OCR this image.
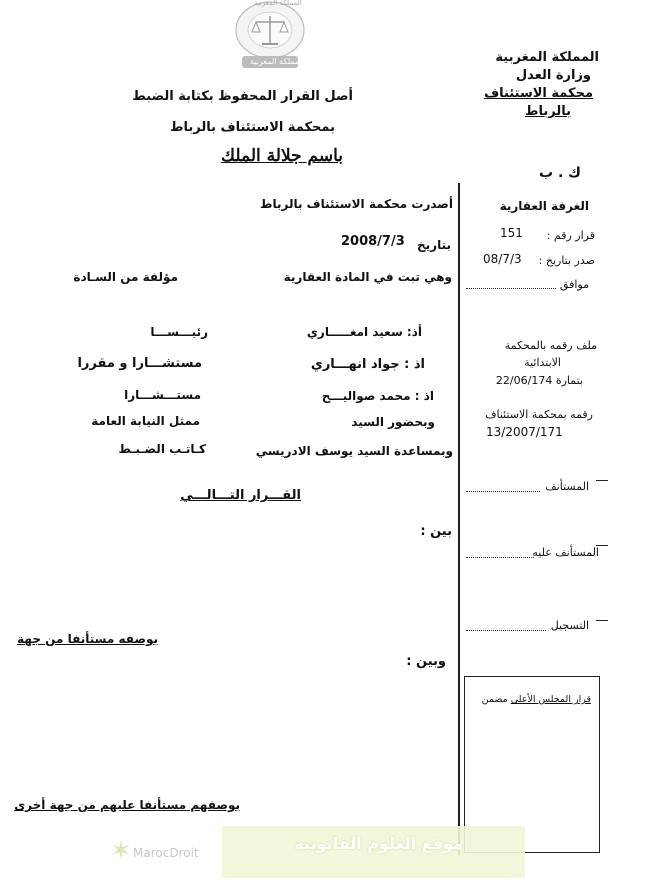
المملكة المغربية
المملكة المغربية
المملكة المغربية
وزارة العدل
محكمة الاستئناف
بالرباط
أصل القرار المحفوظ بكتابة الضبط
بمحكمة الاستئناف بالرباط
باسم جلالة الملك
ك . ب
الغرفة العقارية
قرار رقم :
151
صدر بتاريخ :
08/7/3
موافق
ملف رقمه بالمحكمة
الابتدائية
بتمارة 22/06/174
رقمه بمحكمة الاستئناف
13/2007/171
المستأنف
المستأنف عليه
التسجيل
قرار المجلس الأعلى مضمن
أصدرت محكمة الاستئناف بالرباط
بتاريخ
2008/7/3
وهي تبت في المادة العقارية
مؤلفة من السـادة
أذ: سعيد امغـــــاري
رئيـــســـا
اذ : جواد انهـــاري
مستشـــارا و مقررا
اذ : محمد صواليـــح
مستـــشـــارا
وبحضور السيد
ممثل النيابة العامة
وبمساعدة السيد يوسف الادريسي
كـاتـب الضـبـط
القـــرار التـــالـــي
بين :
بوصفه مستأنفا من جهة
وبين :
بوصفهم مستأنفا عليهم من جهة أخرى
موقع العلوم القانونية
✶ MarocDroit
